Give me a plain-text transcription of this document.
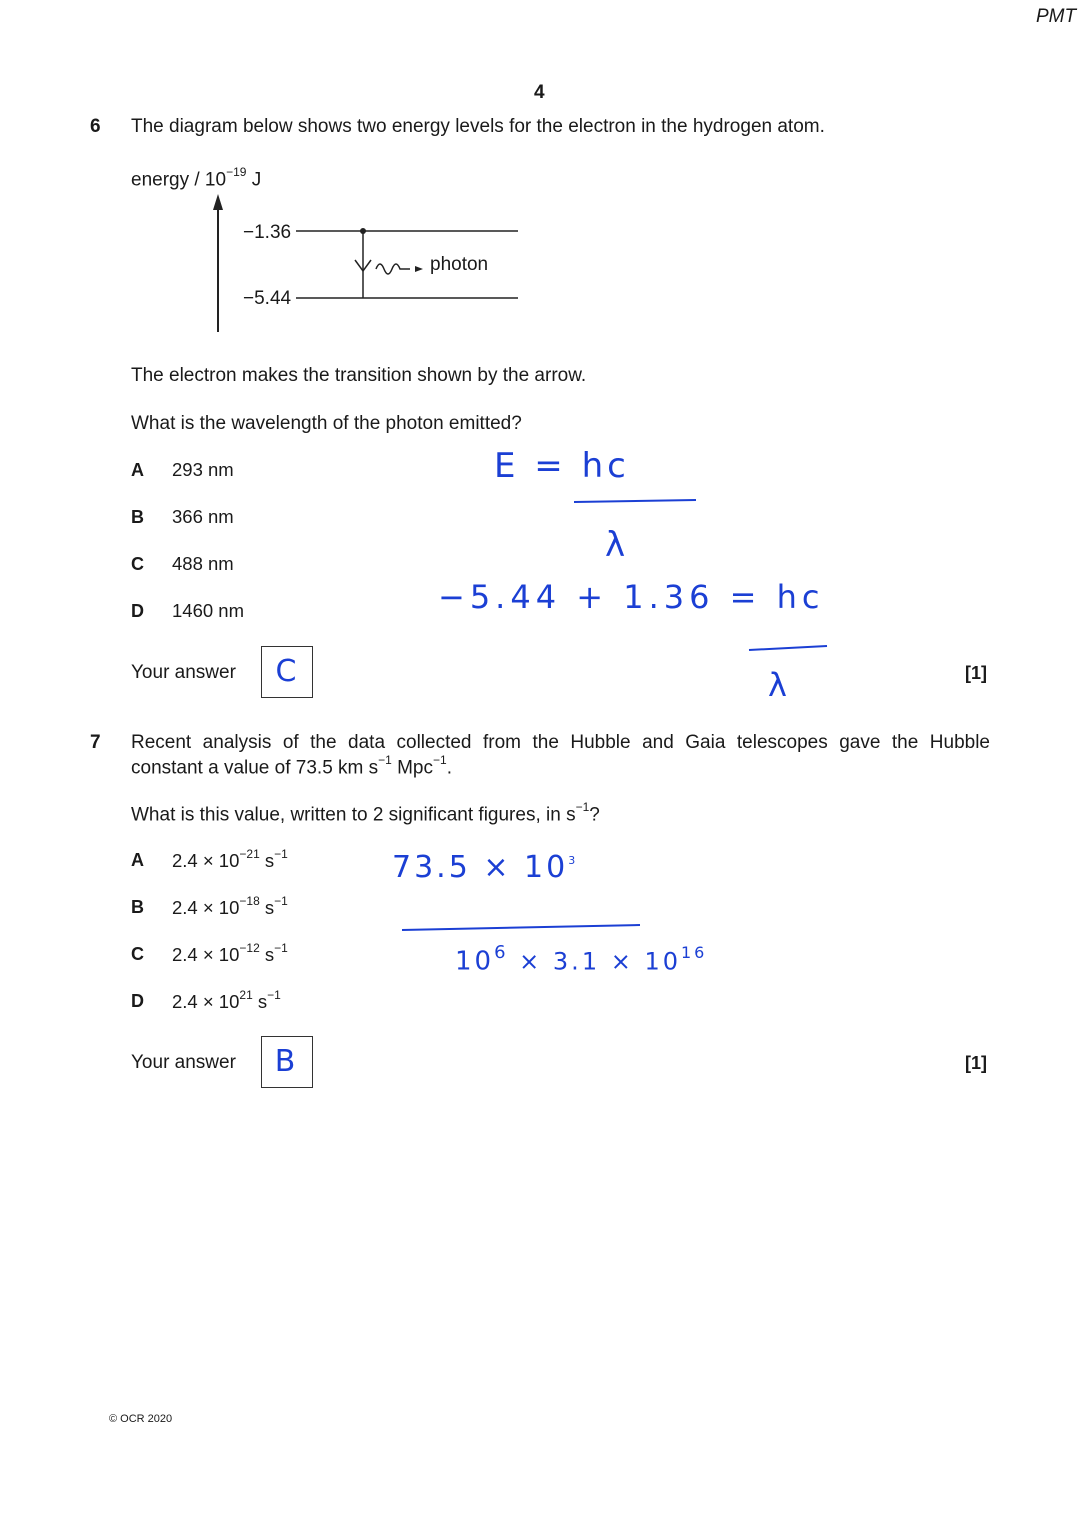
PMT
4
6 The diagram below shows two energy levels for the electron in the hydrogen atom.
energy / $10^{-19}$ J
−1.36
−5.44
photon
The electron makes the transition shown by the arrow.
What is the wavelength of the photon emitted?
A 293 nm
B 366 nm
C 488 nm
D 1460 nm
E = hc
λ
−5.44 + 1.36 = hc
λ
Your answer	C	[1]
7 Recent analysis of the data collected from the Hubble and Gaia telescopes gave the Hubble
constant a value of 73.5 km $s^{-1}$ Mpc$^{-1}$.
What is this value, written to 2 significant figures, in $s^{-1}$?
A $2.4 \times 10^{-21}$ $s^{-1}$
B $2.4 \times 10^{-18}$ $s^{-1}$
C $2.4 \times 10^{-12}$ $s^{-1}$
D $2.4 \times 10^{21}$ $s^{-1}$
$73.5 \times 10^3$
$10^6 \times 3.1 \times 10^{16}$
Your answer	B	[1]
© OCR 2020
